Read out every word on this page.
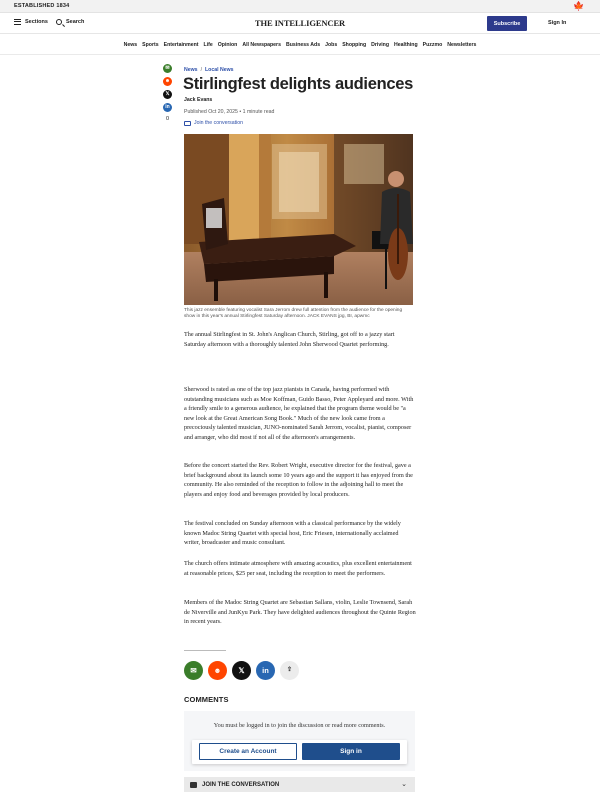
ESTABLISHED 1834	🍁
Sections	Search	THE INTELLIGENCER	Subscribe	Sign In
News Sports Entertainment Life Opinion All Newspapers Business Ads Jobs Shopping Driving Healthing Puzzmo Newsletters
✉
☻
𝕏
in
0
News / Local News
Stirlingfest delights audiences
Jack Evans
Published Oct 20, 2025 • 1 minute read
Join the conversation
This jazz ensemble featuring vocalist Sara Jerrom drew full attention from the audience for the opening show in this year's annual Stirlingfest Saturday afternoon. JACK EVANS jpg, BI, apwmc

The annual Stirlingfest in St. John's Anglican Church, Stirling, got off to a jazzy start Saturday afternoon with a thoroughly talented John Sherwood Quartet performing.

Sherwood is rated as one of the top jazz pianists in Canada, having performed with outstanding musicians such as Moe Koffman, Guido Basso, Peter Appleyard and more. With a friendly smile to a generous audience, he explained that the program theme would be "a new look at the Great American Song Book." Much of the new look came from a precociously talented musician, JUNO-nominated Sarah Jerrom, vocalist, pianist, composer and arranger, who did most if not all of the afternoon's arrangements.

Before the concert started the Rev. Robert Wright, executive director for the festival, gave a brief background about its launch some 10 years ago and the support it has enjoyed from the community. He also reminded of the reception to follow in the adjoining hall to meet the players and enjoy food and beverages provided by local producers.

The festival concluded on Sunday afternoon with a classical performance by the widely known Madoc String Quartet with special host, Eric Friesen, internationally acclaimed writer, broadcaster and music consultant.

The church offers intimate atmosphere with amazing acoustics, plus excellent entertainment at reasonable prices, $25 per seat, including the reception to meet the performers.

Members of the Madoc String Quartet are Sebastian Sallans, violin, Leslie Townsend, Sarah de Niverville and JunKyu Park. They have delighted audiences throughout the Quinte Region in recent years.

✉	☻	𝕏	in	⇪
COMMENTS
You must be logged in to join the discussion or read more comments.
Create an Account	Sign in
JOIN THE CONVERSATION	⌄
